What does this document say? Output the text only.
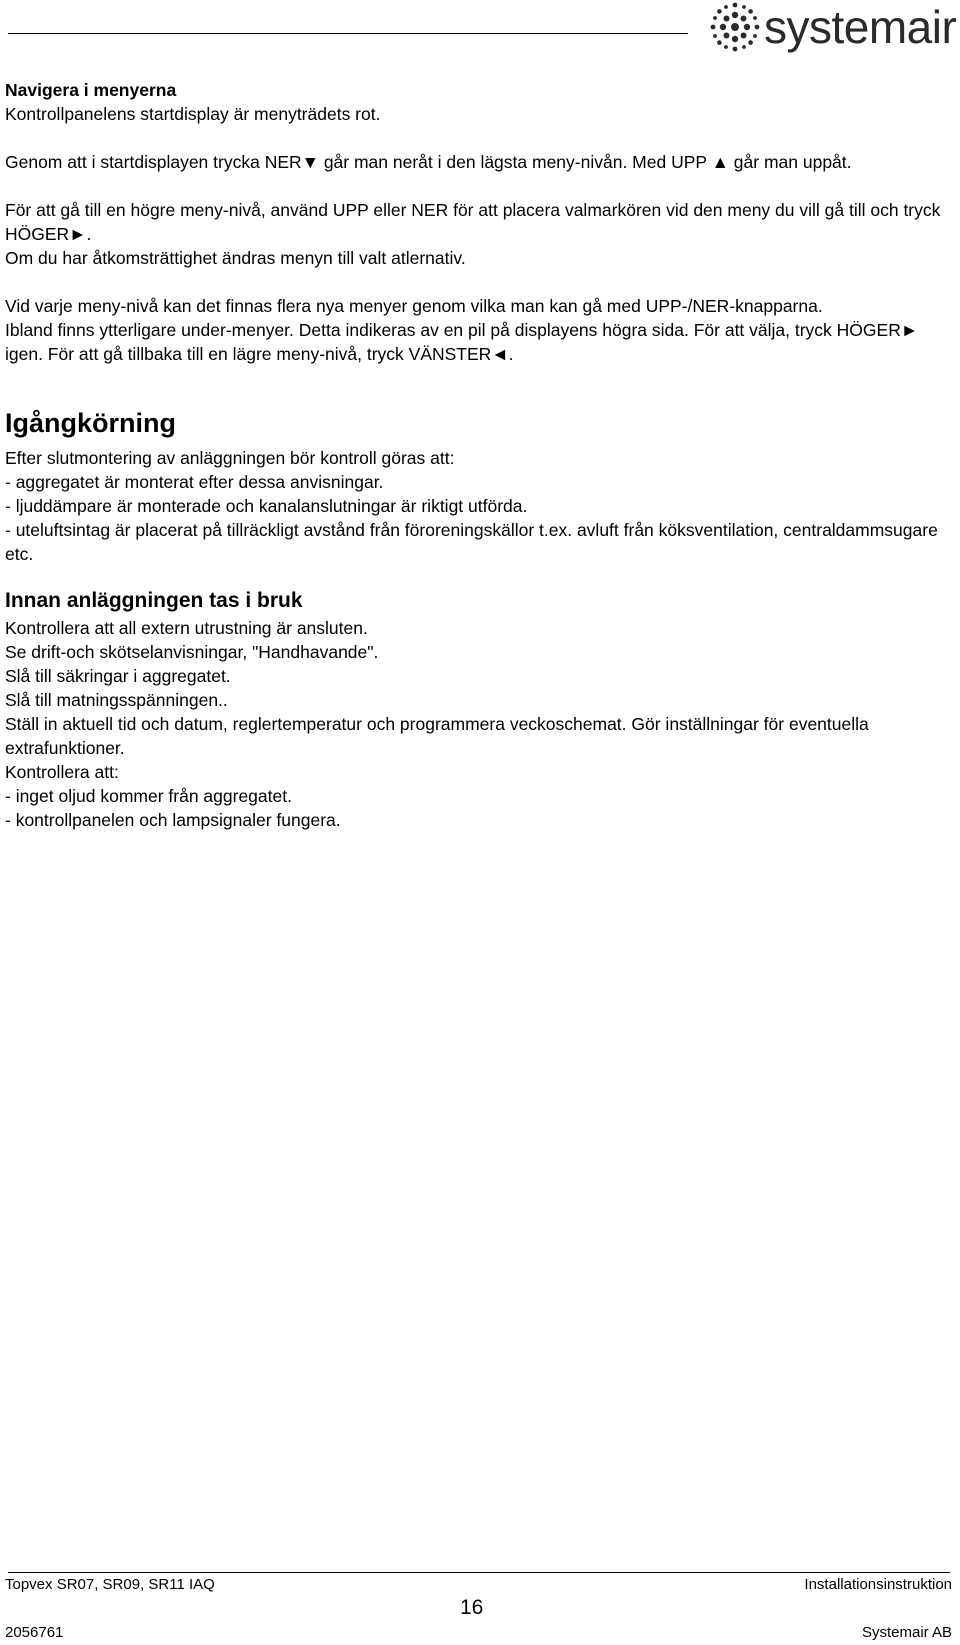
systemair

Navigera i menyerna

Kontrollpanelens startdisplay är menyträdets rot.

Genom att i startdisplayen trycka NER▼ går man neråt i den lägsta meny-nivån. Med UPP ▲ går man uppåt.

För att gå till en högre meny-nivå, använd UPP eller NER för att placera valmarkören vid den meny du vill gå till och tryck HÖGER►.

Om du har åtkomsträttighet ändras menyn till valt atlernativ.

Vid varje meny-nivå kan det finnas flera nya menyer genom vilka man kan gå med UPP-/NER-knapparna.

Ibland finns ytterligare under-menyer. Detta indikeras av en pil på displayens högra sida. För att välja, tryck HÖGER► igen. För att gå tillbaka till en lägre meny-nivå, tryck VÄNSTER◄.

Igångkörning

Efter slutmontering av anläggningen bör kontroll göras att:

- aggregatet är monterat efter dessa anvisningar.

- ljuddämpare är monterade och kanalanslutningar är riktigt utförda.

- uteluftsintag är placerat på tillräckligt avstånd från föroreningskällor t.ex. avluft från köksventilation, centraldammsugare etc.

Innan anläggningen tas i bruk

Kontrollera att all extern utrustning är ansluten.

Se drift-och skötselanvisningar, "Handhavande".

Slå till säkringar i aggregatet.

Slå till matningsspänningen..

Ställ in aktuell tid och datum, reglertemperatur och programmera veckoschemat. Gör inställningar för eventuella extrafunktioner.

Kontrollera att:

- inget oljud kommer från aggregatet.

- kontrollpanelen och lampsignaler fungera.

Topvex SR07, SR09, SR11 IAQ	Installationsinstruktion
16
2056761	Systemair AB
